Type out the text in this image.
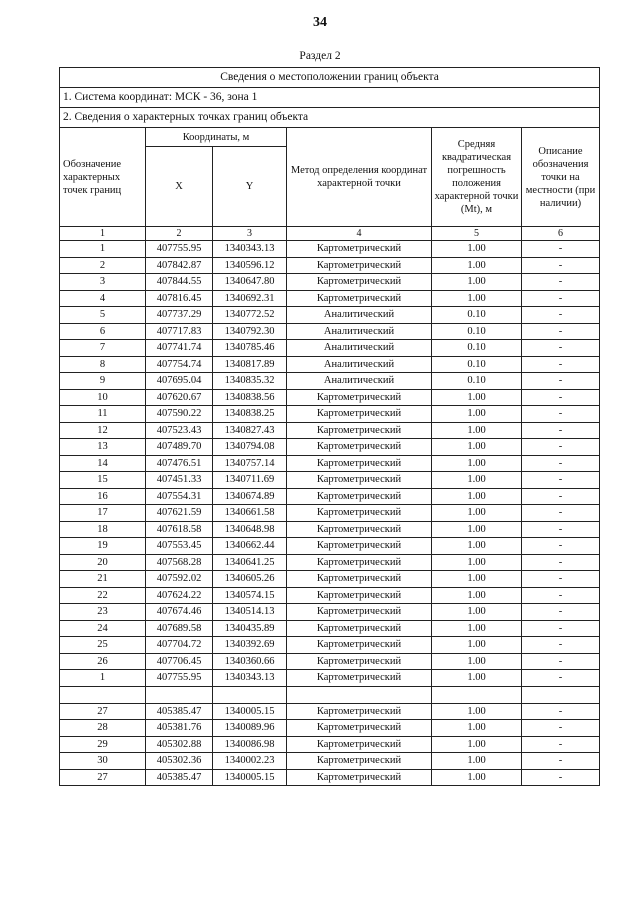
34
Раздел 2
Сведения о местоположении границ объекта					
1. Система координат: МСК - 36, зона 1					
2. Сведения о характерных точках границ объекта					
Обозначение характерных точек границ	Координаты, м		Метод определения координат характерной точки	Средняя квадратическая погрешность положения характерной точки (Mt), м	Описание обозначения точки на местности (при наличии)
	X	Y			
1	2	3	4	5	6
1	407755.95	1340343.13	Картометрический	1.00	-
2	407842.87	1340596.12	Картометрический	1.00	-
3	407844.55	1340647.80	Картометрический	1.00	-
4	407816.45	1340692.31	Картометрический	1.00	-
5	407737.29	1340772.52	Аналитический	0.10	-
6	407717.83	1340792.30	Аналитический	0.10	-
7	407741.74	1340785.46	Аналитический	0.10	-
8	407754.74	1340817.89	Аналитический	0.10	-
9	407695.04	1340835.32	Аналитический	0.10	-
10	407620.67	1340838.56	Картометрический	1.00	-
11	407590.22	1340838.25	Картометрический	1.00	-
12	407523.43	1340827.43	Картометрический	1.00	-
13	407489.70	1340794.08	Картометрический	1.00	-
14	407476.51	1340757.14	Картометрический	1.00	-
15	407451.33	1340711.69	Картометрический	1.00	-
16	407554.31	1340674.89	Картометрический	1.00	-
17	407621.59	1340661.58	Картометрический	1.00	-
18	407618.58	1340648.98	Картометрический	1.00	-
19	407553.45	1340662.44	Картометрический	1.00	-
20	407568.28	1340641.25	Картометрический	1.00	-
21	407592.02	1340605.26	Картометрический	1.00	-
22	407624.22	1340574.15	Картометрический	1.00	-
23	407674.46	1340514.13	Картометрический	1.00	-
24	407689.58	1340435.89	Картометрический	1.00	-
25	407704.72	1340392.69	Картометрический	1.00	-
26	407706.45	1340360.66	Картометрический	1.00	-
1	407755.95	1340343.13	Картометрический	1.00	-

27	405385.47	1340005.15	Картометрический	1.00	-
28	405381.76	1340089.96	Картометрический	1.00	-
29	405302.88	1340086.98	Картометрический	1.00	-
30	405302.36	1340002.23	Картометрический	1.00	-
27	405385.47	1340005.15	Картометрический	1.00	-
